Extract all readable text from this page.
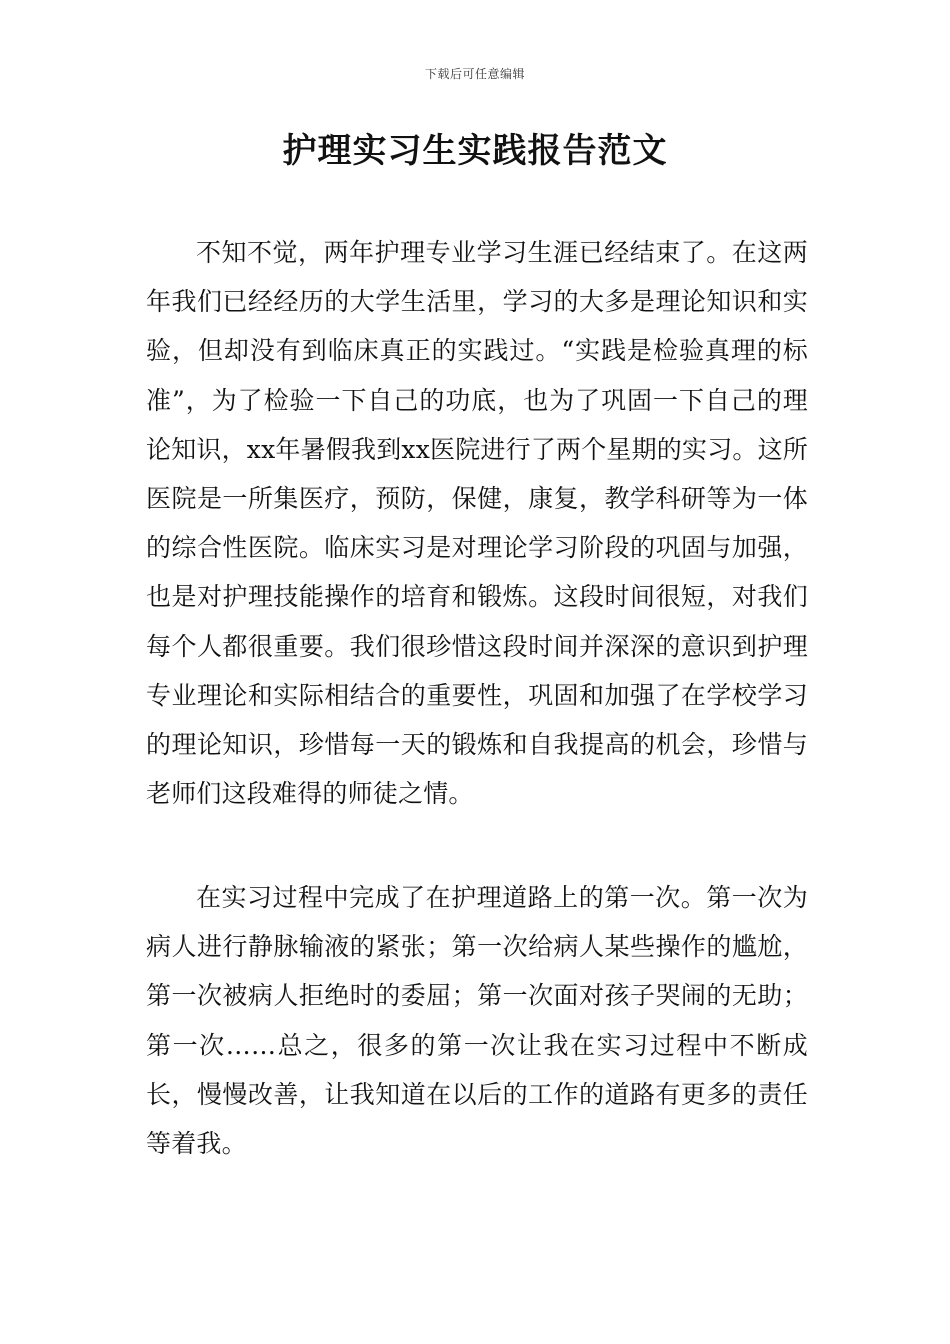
下载后可任意编辑
护理实习生实践报告范文

不知不觉，两年护理专业学习生涯已经结束了。在这两年我们已经经历的大学生活里，学习的大多是理论知识和实验，但却没有到临床真正的实践过。“实践是检验真理的标准”，为了检验一下自己的功底，也为了巩固一下自己的理论知识，xx年暑假我到xx医院进行了两个星期的实习。这所医院是一所集医疗，预防，保健，康复，教学科研等为一体的综合性医院。临床实习是对理论学习阶段的巩固与加强，也是对护理技能操作的培育和锻炼。这段时间很短，对我们每个人都很重要。我们很珍惜这段时间并深深的意识到护理专业理论和实际相结合的重要性，巩固和加强了在学校学习的理论知识，珍惜每一天的锻炼和自我提高的机会，珍惜与老师们这段难得的师徒之情。

在实习过程中完成了在护理道路上的第一次。第一次为病人进行静脉输液的紧张；第一次给病人某些操作的尴尬，第一次被病人拒绝时的委屈；第一次面对孩子哭闹的无助；第一次……总之，很多的第一次让我在实习过程中不断成长，慢慢改善，让我知道在以后的工作的道路有更多的责任等着我。
